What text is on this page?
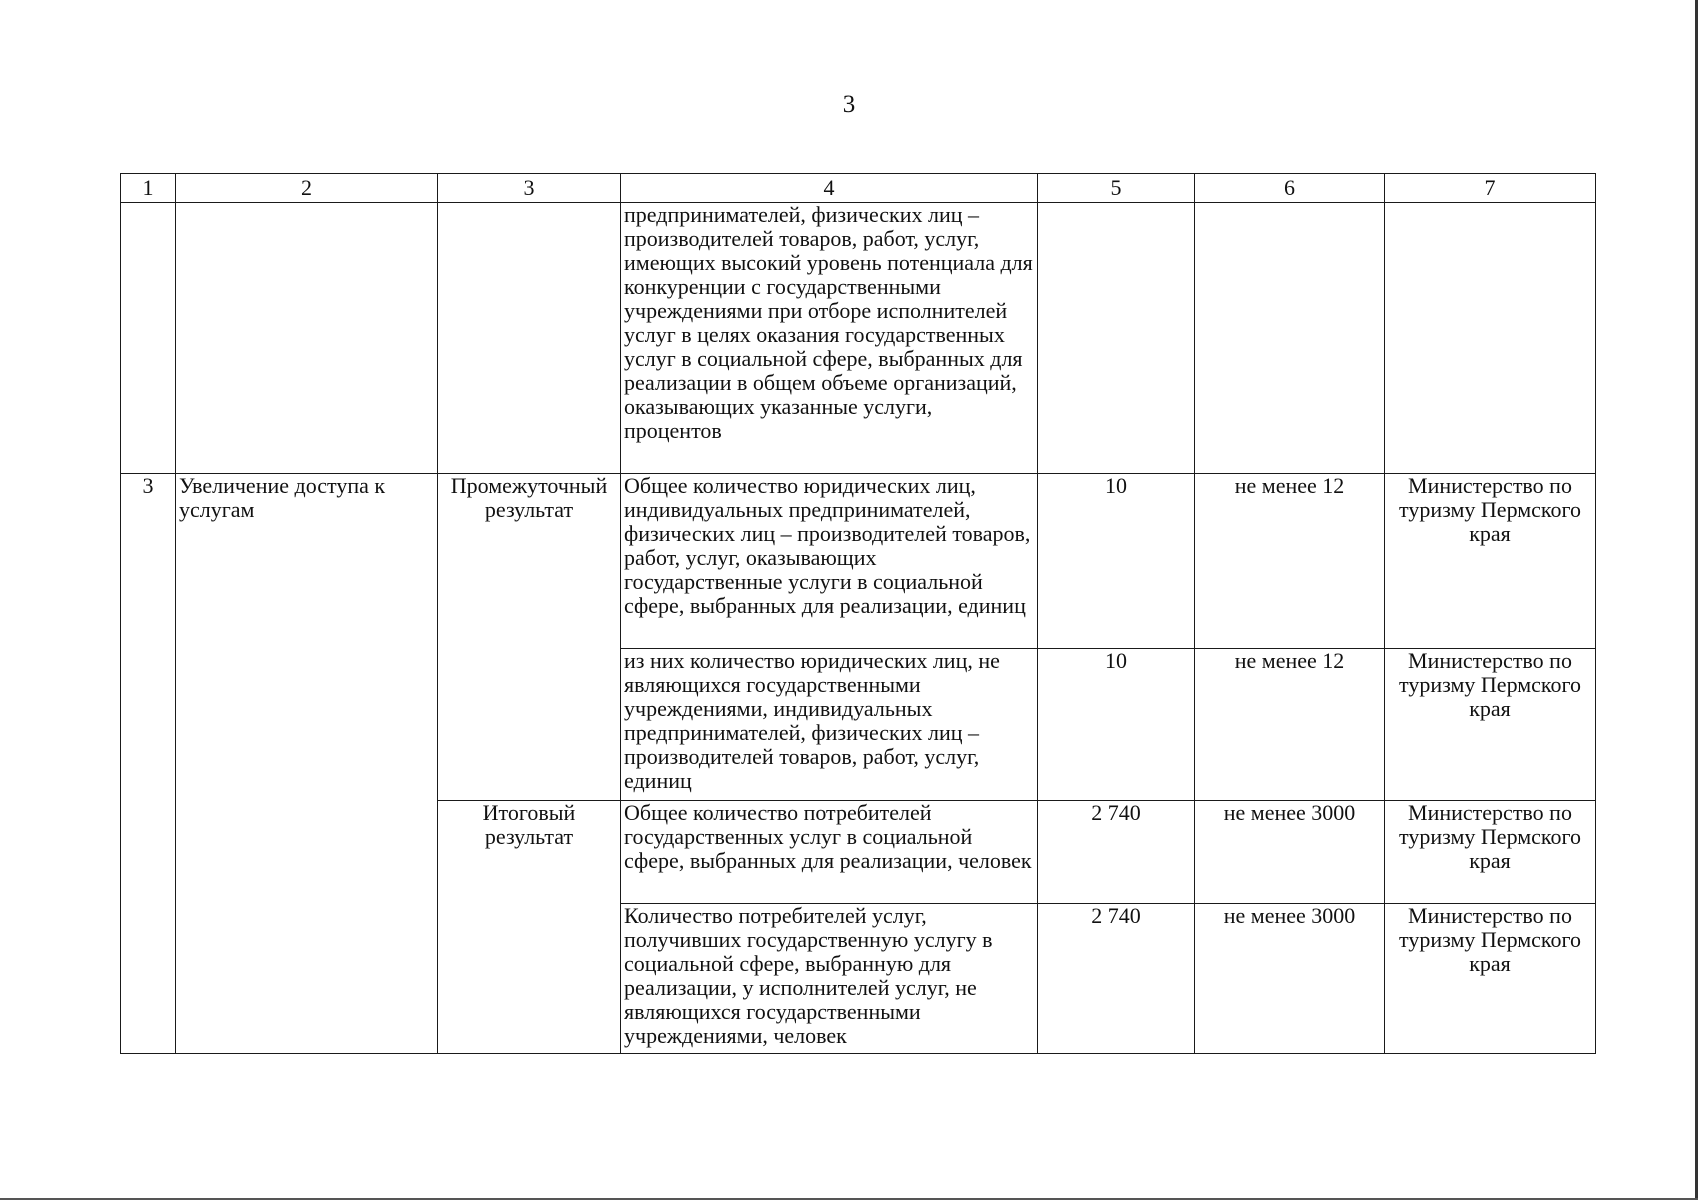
3
1	2	3	4	5	6	7
			предпринимателей, физических лиц – производителей товаров, работ, услуг, имеющих высокий уровень потенциала для конкуренции с государственными учреждениями при отборе исполнителей услуг в целях оказания государственных услуг в социальной сфере, выбранных для реализации в общем объеме организаций, оказывающих указанные услуги, процентов			
3	Увеличение доступа к услугам	Промежуточный результат	Общее количество юридических лиц, индивидуальных предпринимателей, физических лиц – производителей товаров, работ, услуг, оказывающих государственные услуги в социальной сфере, выбранных для реализации, единиц	10	не менее 12	Министерство по туризму Пермского края
			из них количество юридических лиц, не являющихся государственными учреждениями, индивидуальных предпринимателей, физических лиц – производителей товаров, работ, услуг, единиц	10	не менее 12	Министерство по туризму Пермского края
		Итоговый результат	Общее количество потребителей государственных услуг в социальной сфере, выбранных для реализации, человек	2 740	не менее 3000	Министерство по туризму Пермского края
			Количество потребителей услуг, получивших государственную услугу в социальной сфере, выбранную для реализации, у исполнителей услуг, не являющихся государственными учреждениями, человек	2 740	не менее 3000	Министерство по туризму Пермского края
